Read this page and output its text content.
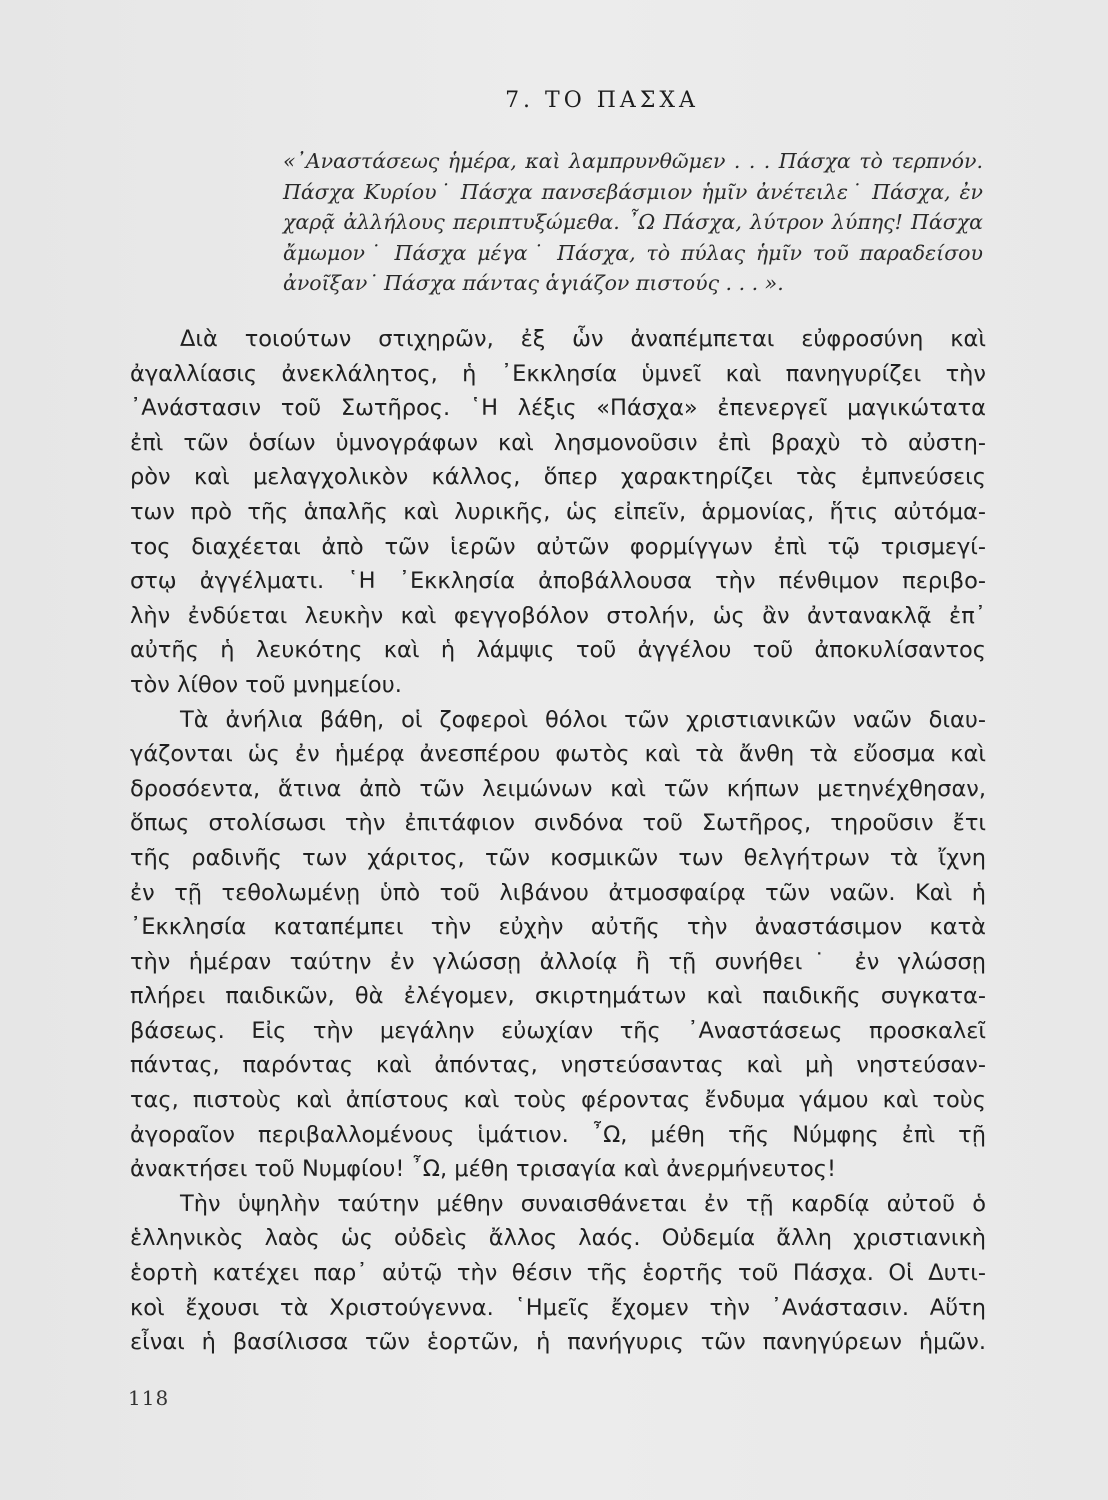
7. ΤΟ ΠΑΣΧΑ
«᾿Αναστάσεως ἡμέρα, καὶ λαμπρυνθῶμεν . . . Πάσχα τὸ τερπνόν.
Πάσχα Κυρίου˙ Πάσχα πανσεβάσμιον ἡμῖν ἀνέτειλε˙ Πάσχα, ἐν
χαρᾷ ἀλλήλους περιπτυξώμεθα. ῏Ω Πάσχα, λύτρον λύπης! Πάσχα
ἄμωμον˙ Πάσχα μέγα˙ Πάσχα, τὸ πύλας ἡμῖν τοῦ παραδείσου
ἀνοῖξαν˙ Πάσχα πάντας ἁγιάζον πιστούς . . . ».
Διὰ τοιούτων στιχηρῶν, ἐξ ὧν ἀναπέμπεται εὐφροσύνη καὶ
ἀγαλλίασις ἀνεκλάλητος, ἡ ᾿Εκκλησία ὑμνεῖ καὶ πανηγυρίζει τὴν
᾿Ανάστασιν τοῦ Σωτῆρος. ῾Η λέξις «Πάσχα» ἐπενεργεῖ μαγικώτατα
ἐπὶ τῶν ὁσίων ὑμνογράφων καὶ λησμονοῦσιν ἐπὶ βραχὺ τὸ αὐστη-
ρὸν καὶ μελαγχολικὸν κάλλος, ὅπερ χαρακτηρίζει τὰς ἐμπνεύσεις
των πρὸ τῆς ἁπαλῆς καὶ λυρικῆς, ὡς εἰπεῖν, ἁρμονίας, ἥτις αὐτόμα-
τος διαχέεται ἀπὸ τῶν ἱερῶν αὐτῶν φορμίγγων ἐπὶ τῷ τρισμεγί-
στῳ ἀγγέλματι. ῾Η ᾿Εκκλησία ἀποβάλλουσα τὴν πένθιμον περιβο-
λὴν ἐνδύεται λευκὴν καὶ φεγγοβόλον στολήν, ὡς ἂν ἀντανακλᾷ ἐπ᾿
αὐτῆς ἡ λευκότης καὶ ἡ λάμψις τοῦ ἀγγέλου τοῦ ἀποκυλίσαντος
τὸν λίθον τοῦ μνημείου.
Τὰ ἀνήλια βάθη, οἱ ζοφεροὶ θόλοι τῶν χριστιανικῶν ναῶν διαυ-
γάζονται ὡς ἐν ἡμέρᾳ ἀνεσπέρου φωτὸς καὶ τὰ ἄνθη τὰ εὔοσμα καὶ
δροσόεντα, ἅτινα ἀπὸ τῶν λειμώνων καὶ τῶν κήπων μετηνέχθησαν,
ὅπως στολίσωσι τὴν ἐπιτάφιον σινδόνα τοῦ Σωτῆρος, τηροῦσιν ἔτι
τῆς ραδινῆς των χάριτος, τῶν κοσμικῶν των θελγήτρων τὰ ἴχνη
ἐν τῇ τεθολωμένῃ ὑπὸ τοῦ λιβάνου ἀτμοσφαίρᾳ τῶν ναῶν. Καὶ ἡ
᾿Εκκλησία καταπέμπει τὴν εὐχὴν αὐτῆς τὴν ἀναστάσιμον κατὰ
τὴν ἡμέραν ταύτην ἐν γλώσσῃ ἀλλοίᾳ ἢ τῇ συνήθει˙ ἐν γλώσσῃ
πλήρει παιδικῶν, θὰ ἐλέγομεν, σκιρτημάτων καὶ παιδικῆς συγκατα-
βάσεως. Εἰς τὴν μεγάλην εὐωχίαν τῆς ᾿Αναστάσεως προσκαλεῖ
πάντας, παρόντας καὶ ἀπόντας, νηστεύσαντας καὶ μὴ νηστεύσαν-
τας, πιστοὺς καὶ ἀπίστους καὶ τοὺς φέροντας ἔνδυμα γάμου καὶ τοὺς
ἀγοραῖον περιβαλλομένους ἱμάτιον. ῏Ω, μέθη τῆς Νύμφης ἐπὶ τῇ
ἀνακτήσει τοῦ Νυμφίου! ῏Ω, μέθη τρισαγία καὶ ἀνερμήνευτος!
Τὴν ὑψηλὴν ταύτην μέθην συναισθάνεται ἐν τῇ καρδίᾳ αὐτοῦ ὁ
ἑλληνικὸς λαὸς ὡς οὐδεὶς ἄλλος λαός. Οὐδεμία ἄλλη χριστιανικὴ
ἑορτὴ κατέχει παρ᾿ αὐτῷ τὴν θέσιν τῆς ἑορτῆς τοῦ Πάσχα. Οἱ Δυτι-
κοὶ ἔχουσι τὰ Χριστούγεννα. ῾Ημεῖς ἔχομεν τὴν ᾿Ανάστασιν. Αὕτη
εἶναι ἡ βασίλισσα τῶν ἑορτῶν, ἡ πανήγυρις τῶν πανηγύρεων ἡμῶν.
118
